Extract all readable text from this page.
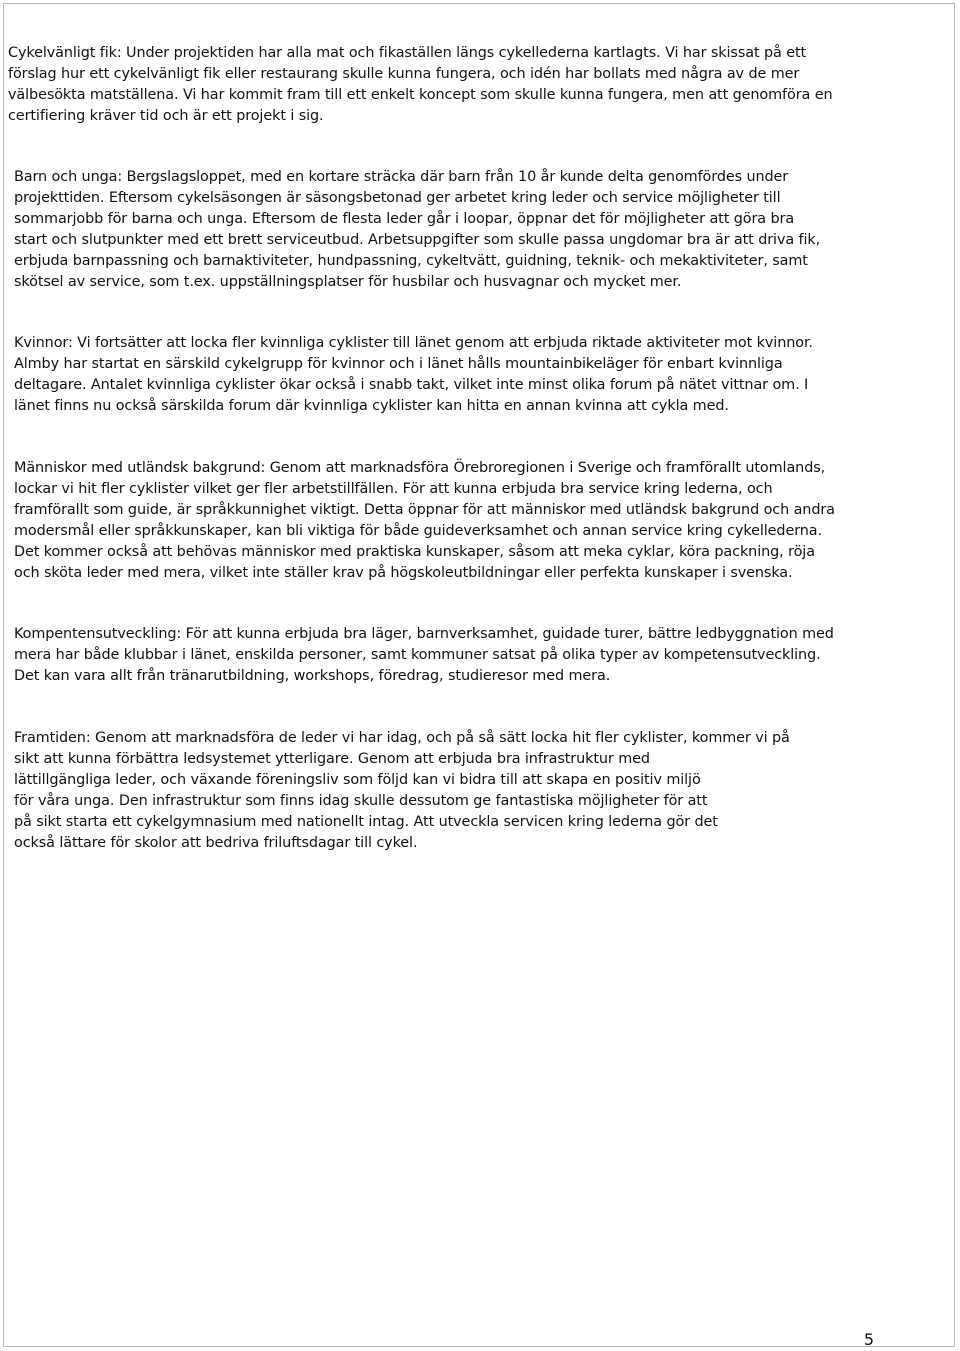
Cykelvänligt fik: Under projektiden har alla mat och fikaställen längs cykellederna kartlagts. Vi har skissat på ett
förslag hur ett cykelvänligt fik eller restaurang skulle kunna fungera, och idén har bollats med några av de mer
välbesökta matställena. Vi har kommit fram till ett enkelt koncept som skulle kunna fungera, men att genomföra en
certifiering kräver tid och är ett projekt i sig.

Barn och unga: Bergslagsloppet, med en kortare sträcka där barn från 10 år kunde delta genomfördes under
projekttiden. Eftersom cykelsäsongen är säsongsbetonad ger arbetet kring leder och service möjligheter till
sommarjobb för barna och unga. Eftersom de flesta leder går i loopar, öppnar det för möjligheter att göra bra
start och slutpunkter med ett brett serviceutbud. Arbetsuppgifter som skulle passa ungdomar bra är att driva fik,
erbjuda barnpassning och barnaktiviteter, hundpassning, cykeltvätt, guidning, teknik- och mekaktiviteter, samt
skötsel av service, som t.ex. uppställningsplatser för husbilar och husvagnar och mycket mer.

Kvinnor: Vi fortsätter att locka fler kvinnliga cyklister till länet genom att erbjuda riktade aktiviteter mot kvinnor.
Almby har startat en särskild cykelgrupp för kvinnor och i länet hålls mountainbikeläger för enbart kvinnliga
deltagare. Antalet kvinnliga cyklister ökar också i snabb takt, vilket inte minst olika forum på nätet vittnar om. I
länet finns nu också särskilda forum där kvinnliga cyklister kan hitta en annan kvinna att cykla med.

Människor med utländsk bakgrund: Genom att marknadsföra Örebroregionen i Sverige och framförallt utomlands,
lockar vi hit fler cyklister vilket ger fler arbetstillfällen. För att kunna erbjuda bra service kring lederna, och
framförallt som guide, är språkkunnighet viktigt. Detta öppnar för att människor med utländsk bakgrund och andra
modersmål eller språkkunskaper, kan bli viktiga för både guideverksamhet och annan service kring cykellederna.
Det kommer också att behövas människor med praktiska kunskaper, såsom att meka cyklar, köra packning, röja
och sköta leder med mera, vilket inte ställer krav på högskoleutbildningar eller perfekta kunskaper i svenska.

Kompentensutveckling: För att kunna erbjuda bra läger, barnverksamhet, guidade turer, bättre ledbyggnation med
mera har både klubbar i länet, enskilda personer, samt kommuner satsat på olika typer av kompetensutveckling.
Det kan vara allt från tränarutbildning, workshops, föredrag, studieresor med mera.

Framtiden: Genom att marknadsföra de leder vi har idag, och på så sätt locka hit fler cyklister, kommer vi på
sikt att kunna förbättra ledsystemet ytterligare. Genom att erbjuda bra infrastruktur med
lättillgängliga leder, och växande föreningsliv som följd kan vi bidra till att skapa en positiv miljö
för våra unga. Den infrastruktur som finns idag skulle dessutom ge fantastiska möjligheter för att
på sikt starta ett cykelgymnasium med nationellt intag. Att utveckla servicen kring lederna gör det
också lättare för skolor att bedriva friluftsdagar till cykel.

5
